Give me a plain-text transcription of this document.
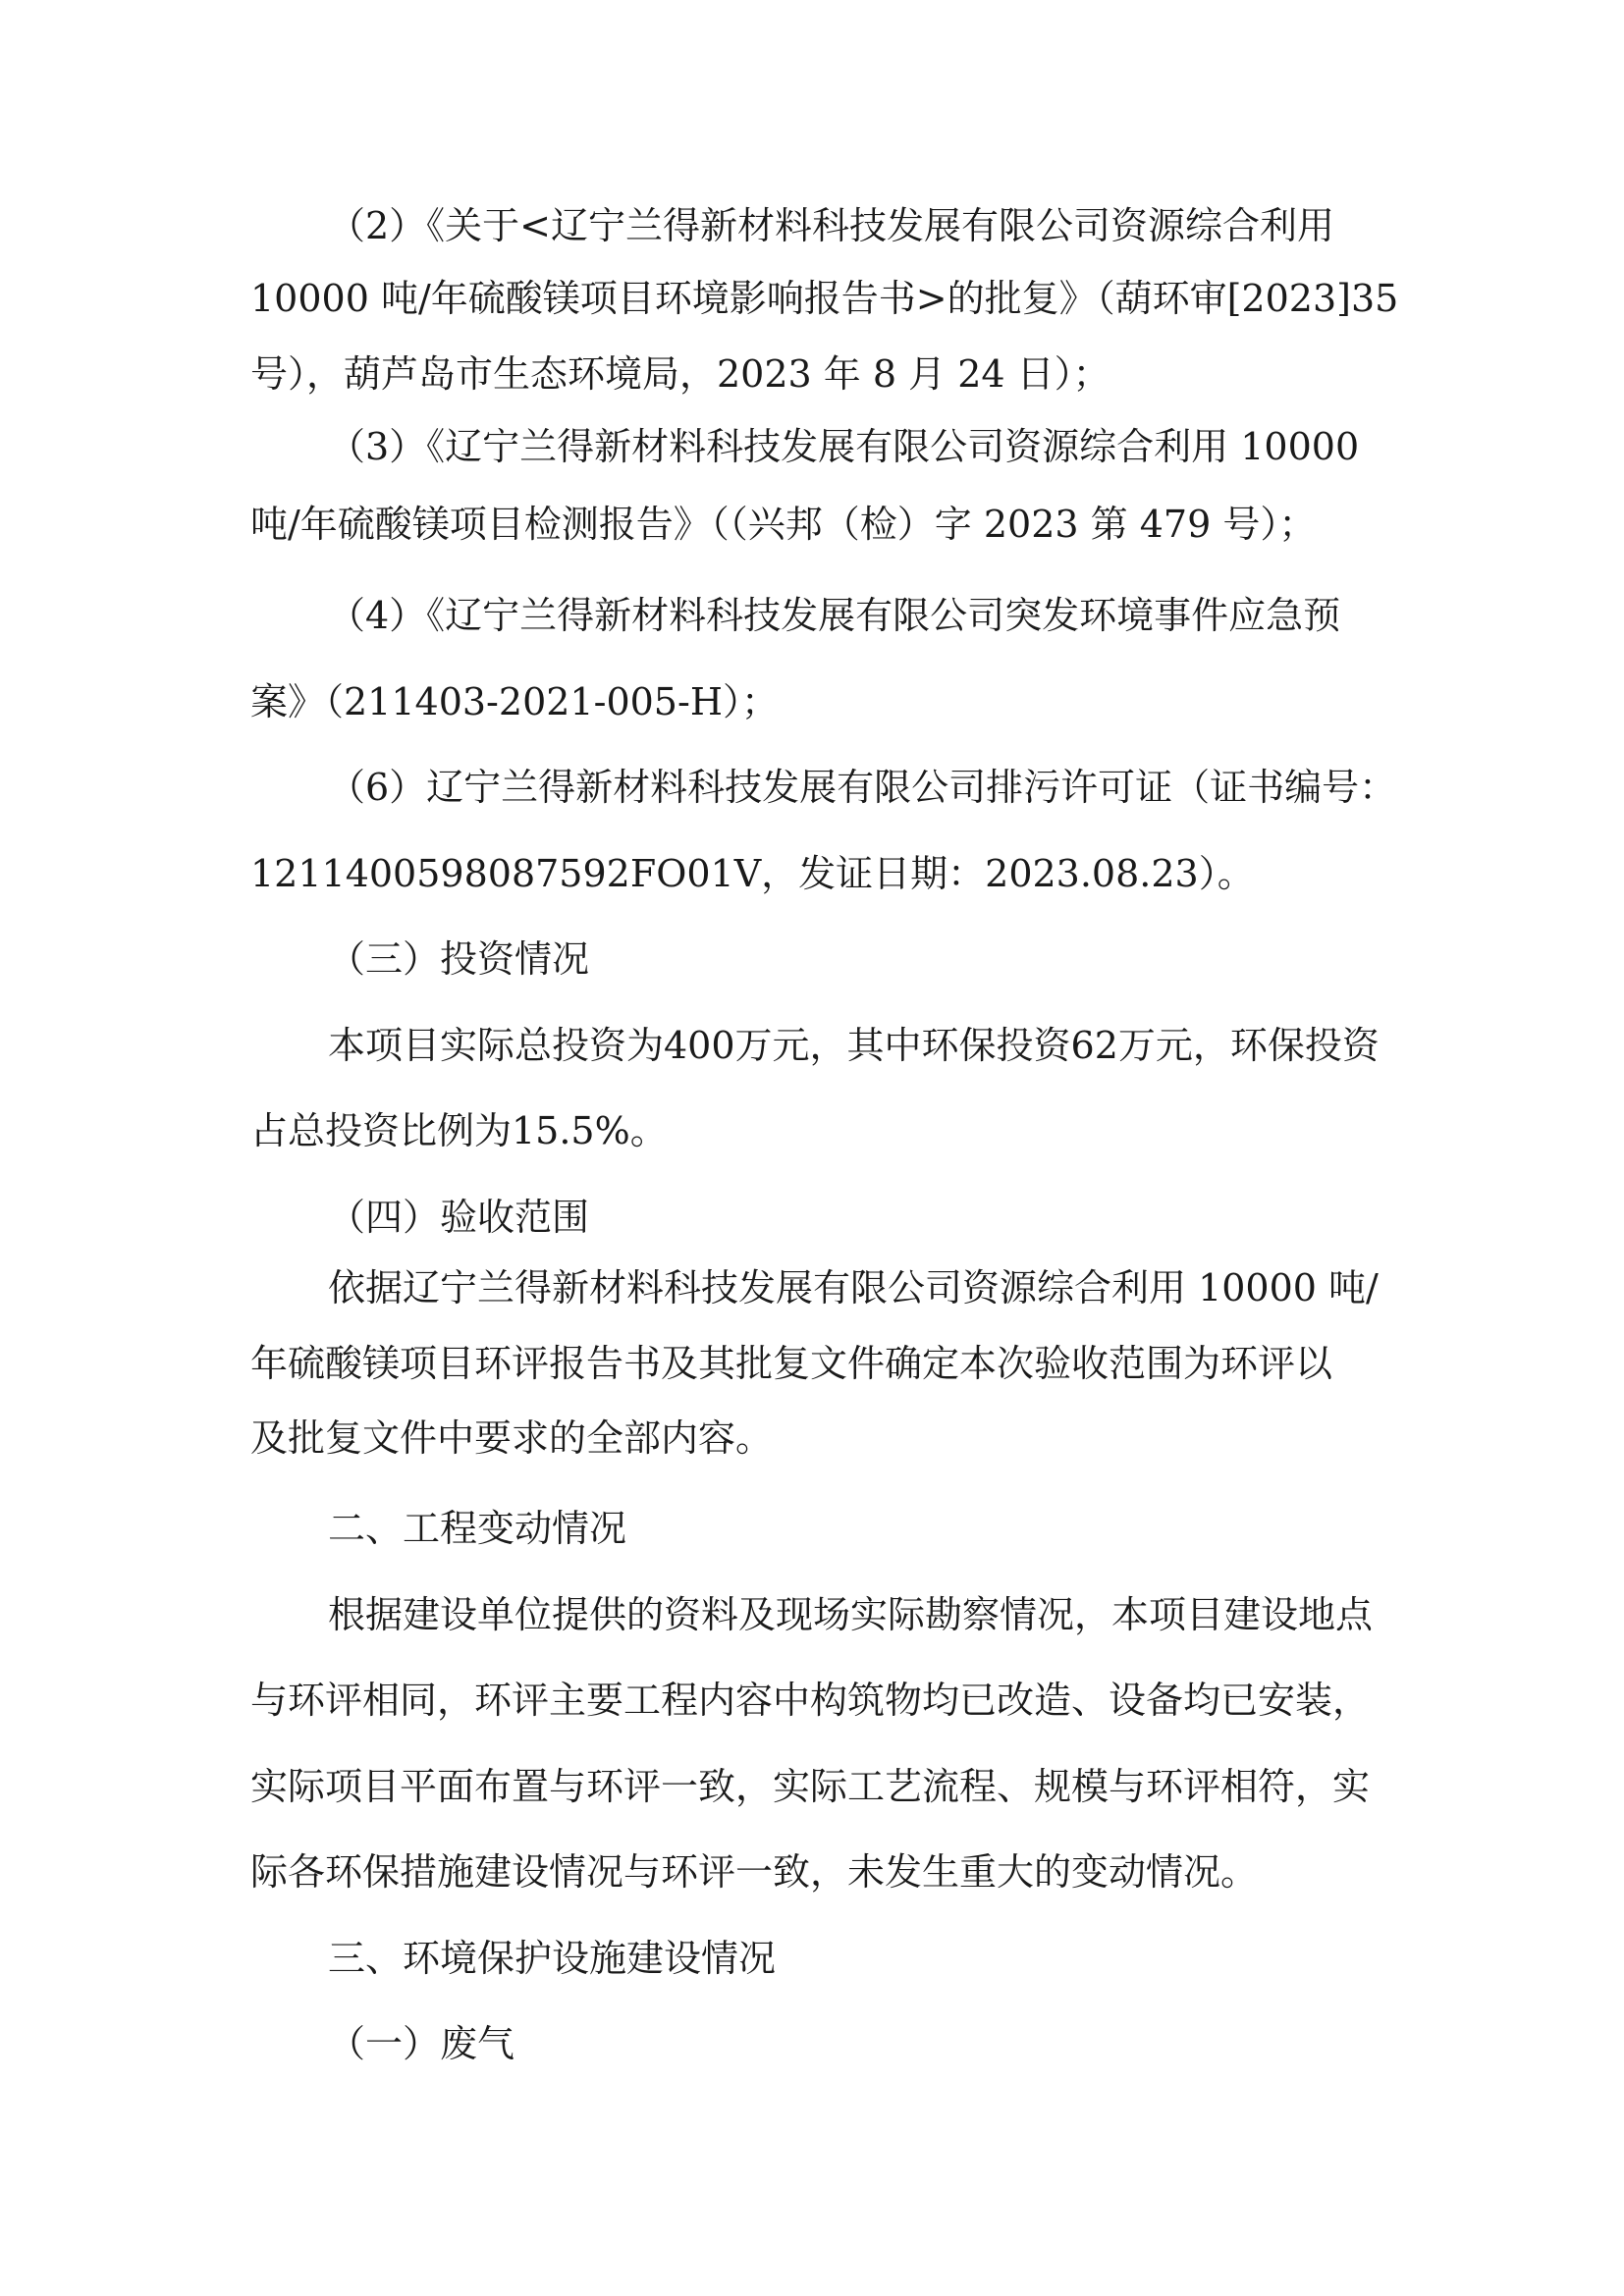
（2）《关于<辽宁兰得新材料科技发展有限公司资源综合利用
10000 吨/年硫酸镁项目环境影响报告书>的批复》（葫环审[2023]35
号），葫芦岛市生态环境局，2023 年 8 月 24 日）；
（3）《辽宁兰得新材料科技发展有限公司资源综合利用 10000
吨/年硫酸镁项目检测报告》（（兴邦（检）字 2023 第 479 号）；
（4）《辽宁兰得新材料科技发展有限公司突发环境事件应急预
案》（211403-2021-005-H）；
（6）辽宁兰得新材料科技发展有限公司排污许可证（证书编号：
121140059808759​2FO01V，发证日期：2023.08.23）。
（三）投资情况
本项目实际总投资为400万元，其中环保投资62万元，环保投资
占总投资比例为15.5%。
（四）验收范围
依据辽宁兰得新材料科技发展有限公司资源综合利用 10000 吨/
年硫酸镁项目环评报告书及其批复文件确定本次验收范围为环评以
及批复文件中要求的全部内容。
二、工程变动情况
根据建设单位提供的资料及现场实际勘察情况，本项目建设地点
与环评相同，环评主要工程内容中构筑物均已改造、设备均已安装，
实际项目平面布置与环评一致，实际工艺流程、规模与环评相符，实
际各环保措施建设情况与环评一致，未发生重大的变动情况。
三、环境保护设施建设情况
（一）废气
